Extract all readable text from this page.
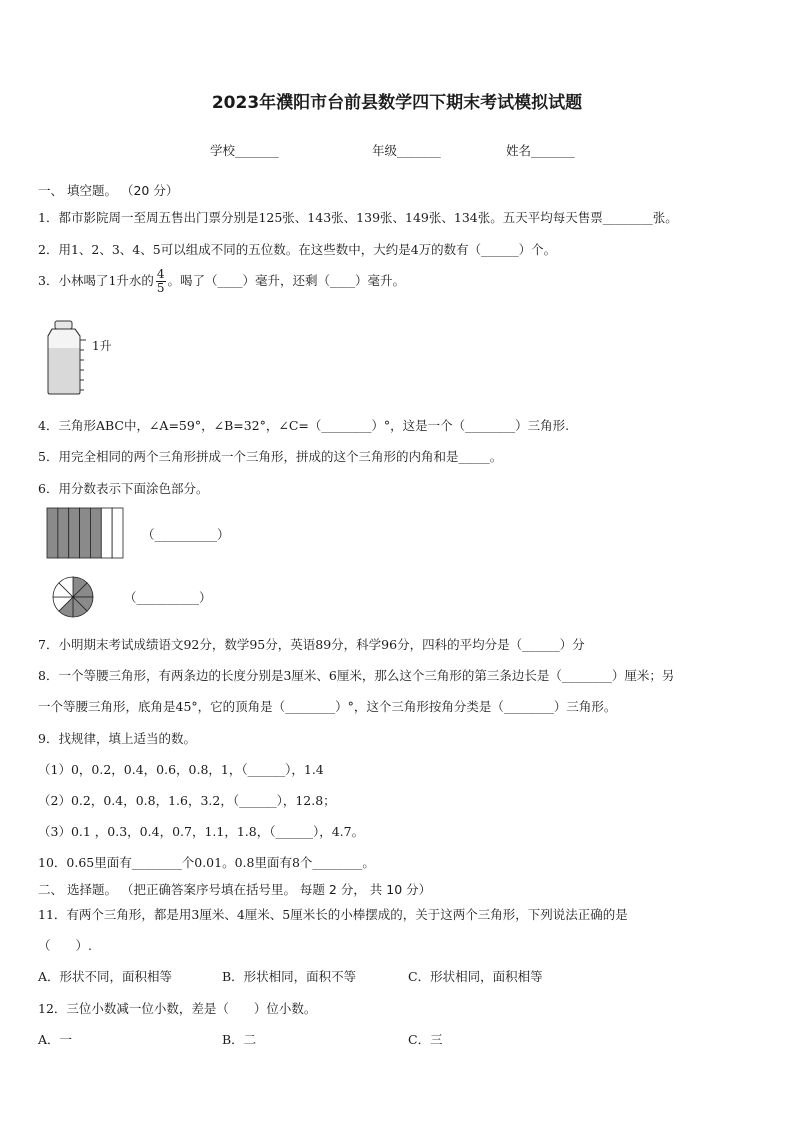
2023年濮阳市台前县数学四下期末考试模拟试题
学校_______	年级_______	姓名_______
一、 填空题。 （20 分）
1．都市影院周一至周五售出门票分别是125张、143张、139张、149张、134张。五天平均每天售票________张。
2．用1、2、3、4、5可以组成不同的五位数。在这些数中，大约是4万的数有（______）个。
3．小林喝了1升水的 $\frac{4}{5}$ 。喝了（____）毫升，还剩（____）毫升。
1升
4．三角形ABC中，∠A=59°，∠B=32°，∠C=（________）°，这是一个（________）三角形.
5．用完全相同的两个三角形拼成一个三角形，拼成的这个三角形的内角和是_____。
6．用分数表示下面涂色部分。
（__________）
（__________）
7．小明期末考试成绩语文92分，数学95分，英语89分，科学96分，四科的平均分是（______）分
8．一个等腰三角形，有两条边的长度分别是3厘米、6厘米，那么这个三角形的第三条边长是（________）厘米；另
一个等腰三角形，底角是45°，它的顶角是（________）°，这个三角形按角分类是（________）三角形。
9．找规律，填上适当的数。
（1）0，0.2，0.4，0.6，0.8，1，（______），1.4
（2）0.2，0.4，0.8，1.6，3.2，（______），12.8；
（3）0.1 ，0.3，0.4，0.7，1.1，1.8，（______），4.7。
10．0.65里面有________个0.01。0.8里面有8个________。
二、 选择题。 （把正确答案序号填在括号里。 每题 2 分， 共 10 分）
11．有两个三角形，都是用3厘米、4厘米、5厘米长的小棒摆成的，关于这两个三角形，下列说法正确的是
（　　）.
A．形状不同，面积相等	B．形状相同，面积不等	C．形状相同，面积相等
12．三位小数减一位小数，差是（　　）位小数。
A．一	B．二	C．三
